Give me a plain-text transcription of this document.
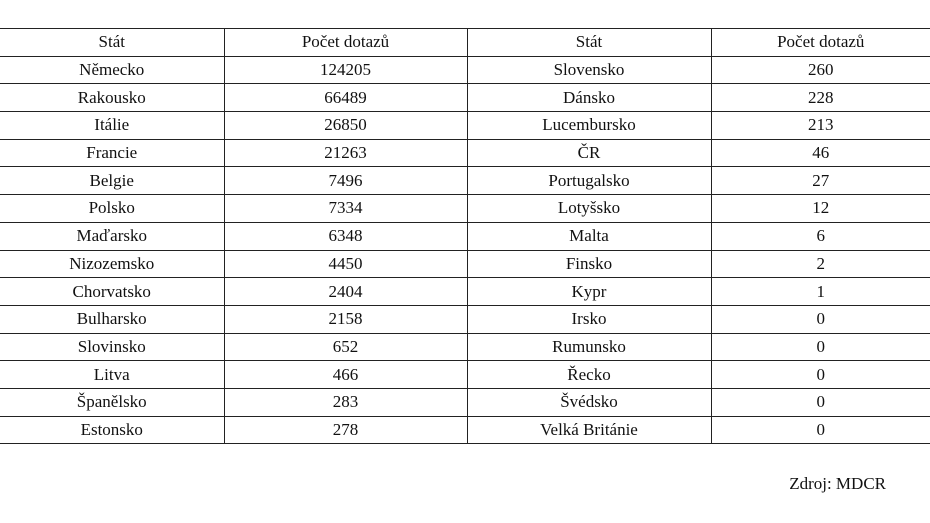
Stát	Počet dotazů	Stát	Počet dotazů
Německo	124205	Slovensko	260
Rakousko	66489	Dánsko	228
Itálie	26850	Lucembursko	213
Francie	21263	ČR	46
Belgie	7496	Portugalsko	27
Polsko	7334	Lotyšsko	12
Maďarsko	6348	Malta	6
Nizozemsko	4450	Finsko	2
Chorvatsko	2404	Kypr	1
Bulharsko	2158	Irsko	0
Slovinsko	652	Rumunsko	0
Litva	466	Řecko	0
Španělsko	283	Švédsko	0
Estonsko	278	Velká Británie	0
Zdroj: MDCR
